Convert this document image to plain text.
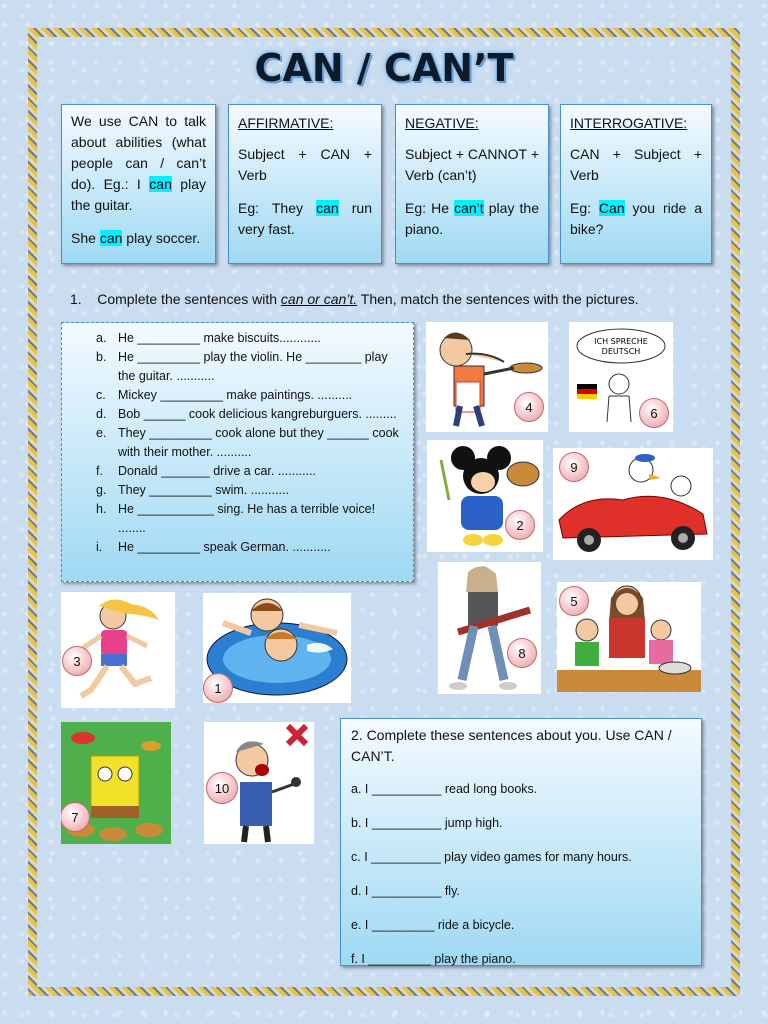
CAN / CAN’T

We use CAN to talk about abilities (what people can / can’t do). Eg.: I can play the guitar.

She can play soccer.

AFFIRMATIVE:

Subject + CAN + Verb

Eg: They can run very fast.

NEGATIVE:

Subject + CANNOT + Verb (can’t)

Eg: He can’t play the piano.

INTERROGATIVE:

CAN + Subject + Verb

Eg: Can you ride a bike?

1. Complete the sentences with can or can’t. Then, match the sentences with the pictures.
a. He _________ make biscuits............
b. He _________ play the violin. He ________ play the guitar. ...........
c. Mickey _________ make paintings. ..........
d. Bob ______ cook delicious kangreburguers. .........
e. They _________ cook alone but they ______ cook with their mother. ..........
f. Donald _______ drive a car. ...........
g. They _________ swim. ...........
h. He ___________ sing. He has a terrible voice! ........
i. He _________ speak German. ...........
2. Complete these sentences about you. Use CAN / CAN’T.
a. I __________ read long books.
b. I __________ jump high.
c. I __________ play video games for many hours.
d. I __________ fly.
e. I _________ ride a bicycle.
f. I _________ play the piano.
4
ICH SPRECHE
DEUTSCH
6
2
9
8
5
3
1
7
10
